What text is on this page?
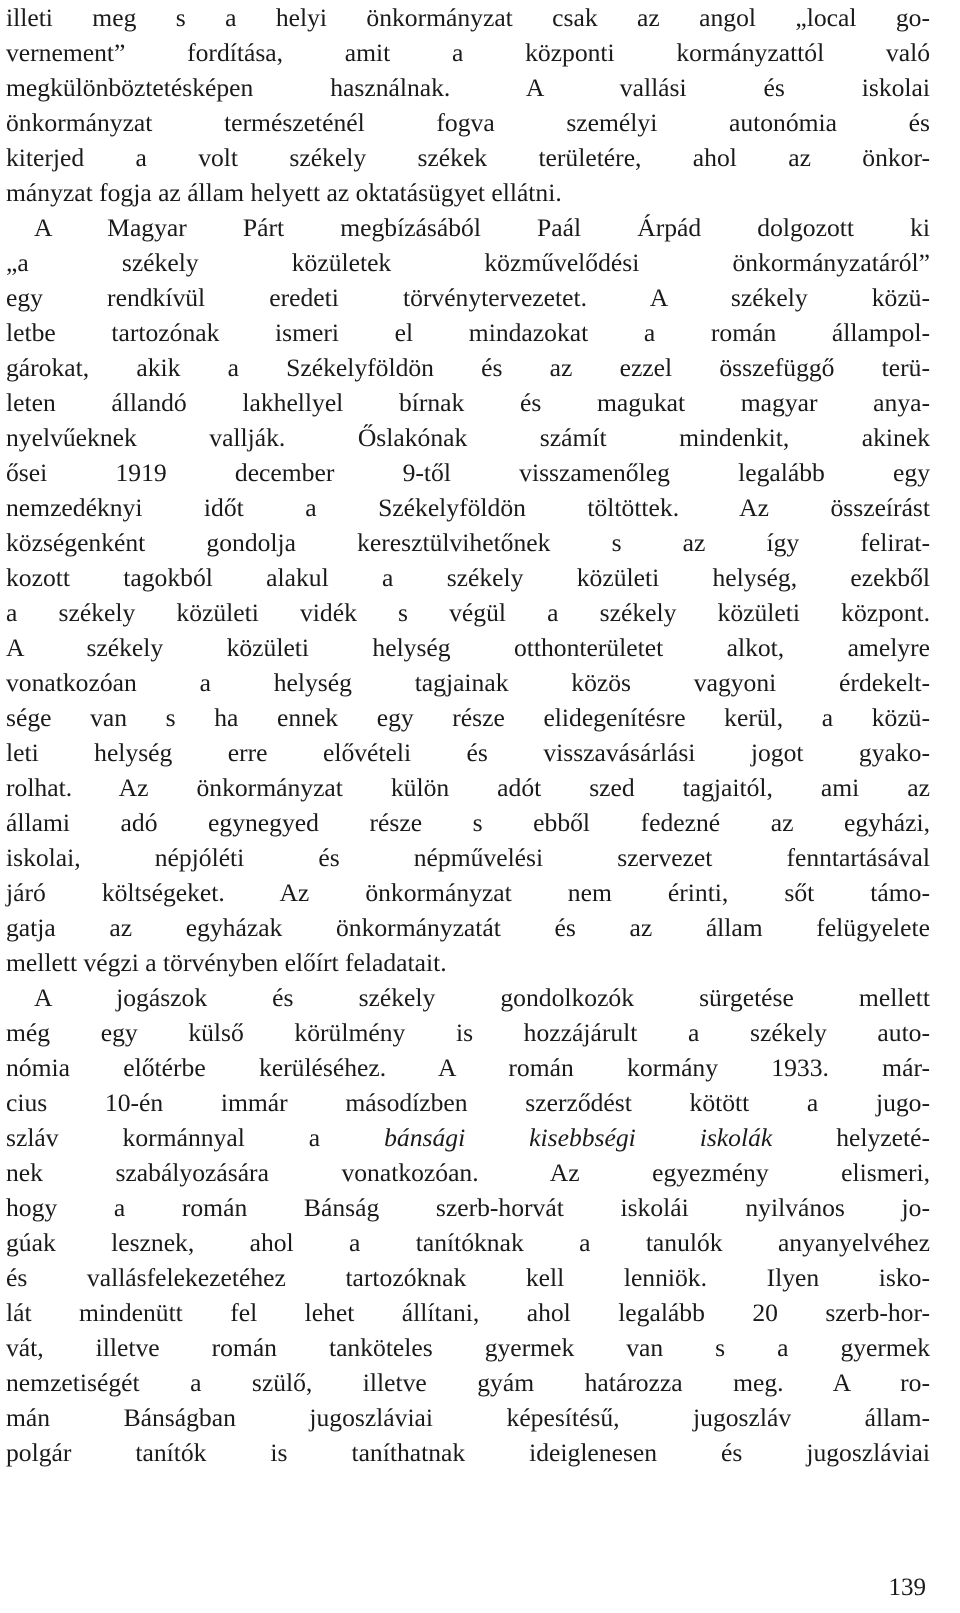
illeti meg s a helyi önkormányzat csak az angol „local go-
vernement” fordítása, amit a központi kormányzattól való
megkülönböztetésképen használnak. A vallási és iskolai
önkormányzat természeténél fogva személyi autonómia és
kiterjed a volt székely székek területére, ahol az önkor-
mányzat fogja az állam helyett az oktatásügyet ellátni.
A Magyar Párt megbízásából Paál Árpád dolgozott ki
„a székely közületek közművelődési önkormányzatáról”
egy rendkívül eredeti törvénytervezetet. A székely közü-
letbe tartozónak ismeri el mindazokat a román állampol-
gárokat, akik a Székelyföldön és az ezzel összefüggő terü-
leten állandó lakhellyel bírnak és magukat magyar anya-
nyelvűeknek vallják. Őslakónak számít mindenkit, akinek
ősei 1919 december 9-től visszamenőleg legalább egy
nemzedéknyi időt a Székelyföldön töltöttek. Az összeírást
községenként gondolja keresztülvihetőnek s az így felirat-
kozott tagokból alakul a székely közületi helység, ezekből
a székely közületi vidék s végül a székely közületi központ.
A székely közületi helység otthonterületet alkot, amelyre
vonatkozóan a helység tagjainak közös vagyoni érdekelt-
sége van s ha ennek egy része elidegenítésre kerül, a közü-
leti helység erre elővételi és visszavásárlási jogot gyako-
rolhat. Az önkormányzat külön adót szed tagjaitól, ami az
állami adó egynegyed része s ebből fedezné az egyházi,
iskolai, népjóléti és népművelési szervezet fenntartásával
járó költségeket. Az önkormányzat nem érinti, sőt támo-
gatja az egyházak önkormányzatát és az állam felügyelete
mellett végzi a törvényben előírt feladatait.
A jogászok és székely gondolkozók sürgetése mellett
még egy külső körülmény is hozzájárult a székely auto-
nómia előtérbe kerüléséhez. A román kormány 1933. már-
cius 10-én immár másodízben szerződést kötött a jugo-
szláv kormánnyal a bánsági kisebbségi iskolák helyzeté-
nek szabályozására vonatkozóan. Az egyezmény elismeri,
hogy a román Bánság szerb-horvát iskolái nyilvános jo-
gúak lesznek, ahol a tanítóknak a tanulók anyanyelvéhez
és vallásfelekezetéhez tartozóknak kell lenniök. Ilyen isko-
lát mindenütt fel lehet állítani, ahol legalább 20 szerb-hor-
vát, illetve román tanköteles gyermek van s a gyermek
nemzetiségét a szülő, illetve gyám határozza meg. A ro-
mán Bánságban jugoszláviai képesítésű, jugoszláv állam-
polgár tanítók is taníthatnak ideiglenesen és jugoszláviai
139
